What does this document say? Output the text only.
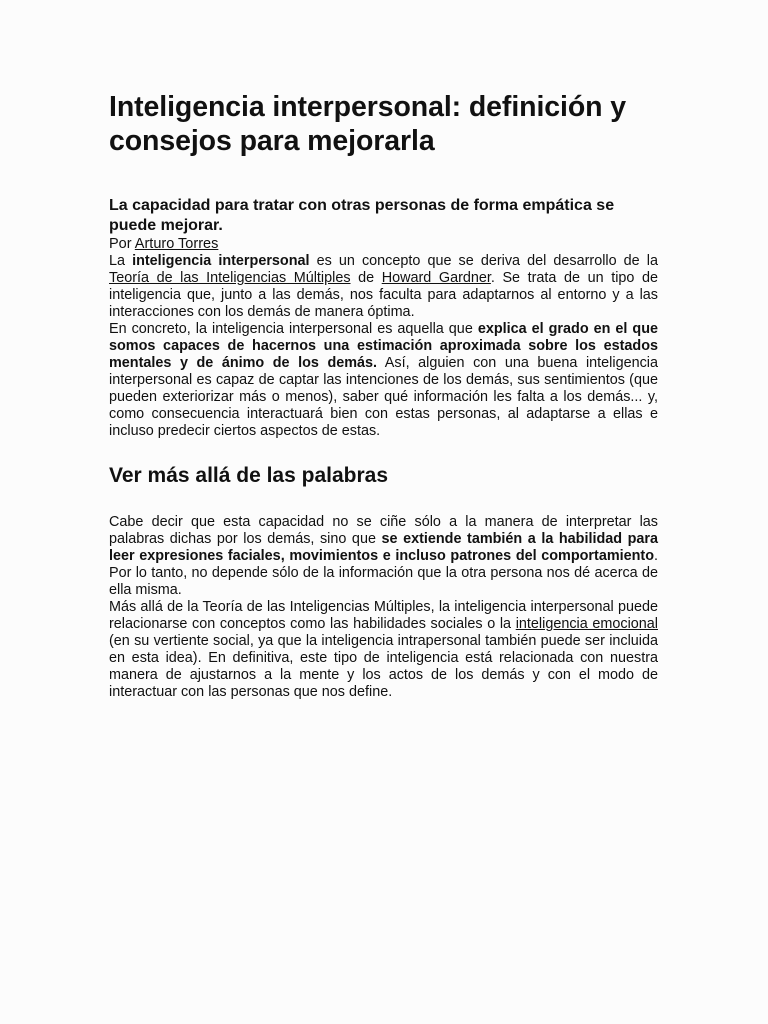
Inteligencia interpersonal: definición y consejos para mejorarla
La capacidad para tratar con otras personas de forma empática se puede mejorar.
Por Arturo Torres

La inteligencia interpersonal es un concepto que se deriva del desarrollo de la Teoría de las Inteligencias Múltiples de Howard Gardner. Se trata de un tipo de inteligencia que, junto a las demás, nos faculta para adaptarnos al entorno y a las interacciones con los demás de manera óptima.

En concreto, la inteligencia interpersonal es aquella que explica el grado en el que somos capaces de hacernos una estimación aproximada sobre los estados mentales y de ánimo de los demás. Así, alguien con una buena inteligencia interpersonal es capaz de captar las intenciones de los demás, sus sentimientos (que pueden exteriorizar más o menos), saber qué información les falta a los demás... y, como consecuencia interactuará bien con estas personas, al adaptarse a ellas e incluso predecir ciertos aspectos de estas.

Ver más allá de las palabras

Cabe decir que esta capacidad no se ciñe sólo a la manera de interpretar las palabras dichas por los demás, sino que se extiende también a la habilidad para leer expresiones faciales, movimientos e incluso patrones del comportamiento. Por lo tanto, no depende sólo de la información que la otra persona nos dé acerca de ella misma.

Más allá de la Teoría de las Inteligencias Múltiples, la inteligencia interpersonal puede relacionarse con conceptos como las habilidades sociales o la inteligencia emocional (en su vertiente social, ya que la inteligencia intrapersonal también puede ser incluida en esta idea). En definitiva, este tipo de inteligencia está relacionada con nuestra manera de ajustarnos a la mente y los actos de los demás y con el modo de interactuar con las personas que nos define.
